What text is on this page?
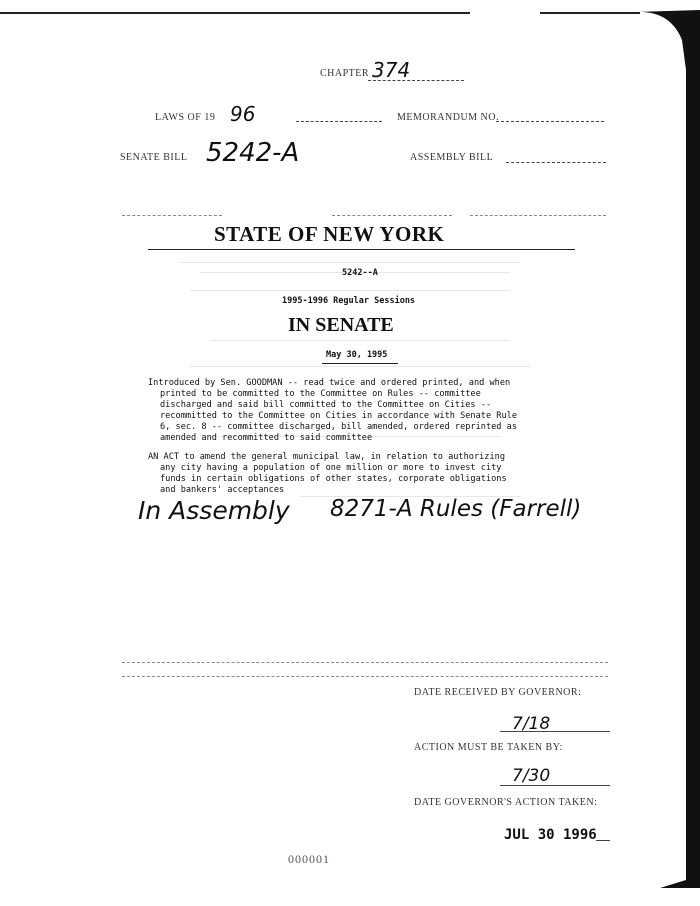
CHAPTER 374
LAWS OF 19 96	MEMORANDUM NO.
SENATE BILL 5242-A	ASSEMBLY BILL
STATE OF NEW YORK
5242--A
1995-1996 Regular Sessions
IN SENATE
May 30, 1995
Introduced by Sen. GOODMAN -- read twice and ordered printed, and when
printed to be committed to the Committee on Rules -- committee
discharged and said bill committed to the Committee on Cities --
recommitted to the Committee on Cities in accordance with Senate Rule
6, sec. 8 -- committee discharged, bill amended, ordered reprinted as
amended and recommitted to said committee
AN ACT to amend the general municipal law, in relation to authorizing
any city having a population of one million or more to invest city
funds in certain obligations of other states, corporate obligations
and bankers' acceptances
In Assembly 8271-A Rules (Farrell)
DATE RECEIVED BY GOVERNOR:
7/18
ACTION MUST BE TAKEN BY:
7/30
DATE GOVERNOR'S ACTION TAKEN:
JUL 30 1996
000001
